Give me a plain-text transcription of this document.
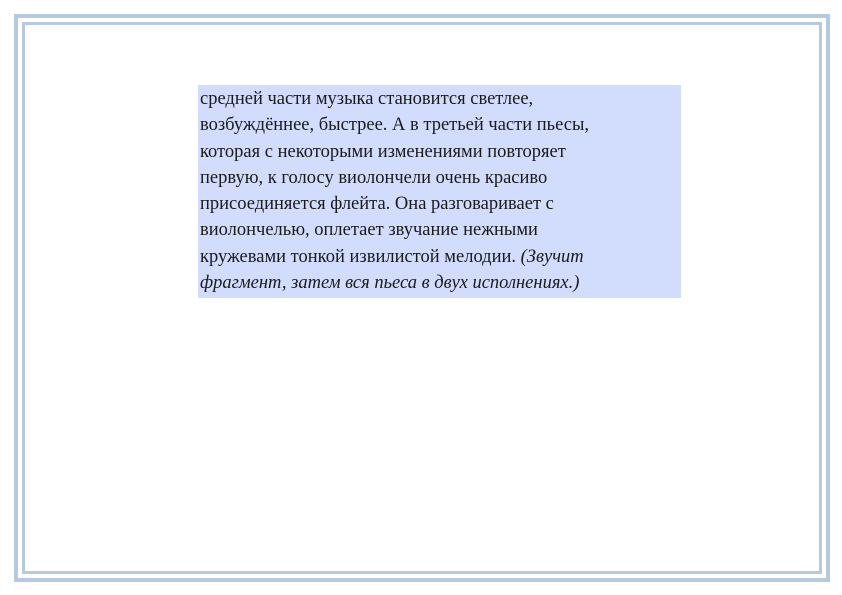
средней части музыка становится светлее,
возбуждённее, быстрее. А в третьей части пьесы,
которая с некоторыми изменениями повторяет
первую, к голосу виолончели очень красиво
присоединяется флейта. Она разговаривает с
виолончелью, оплетает звучание нежными
кружевами тонкой извилистой мелодии. (Звучит
фрагмент, затем вся пьеса в двух исполнениях.)
